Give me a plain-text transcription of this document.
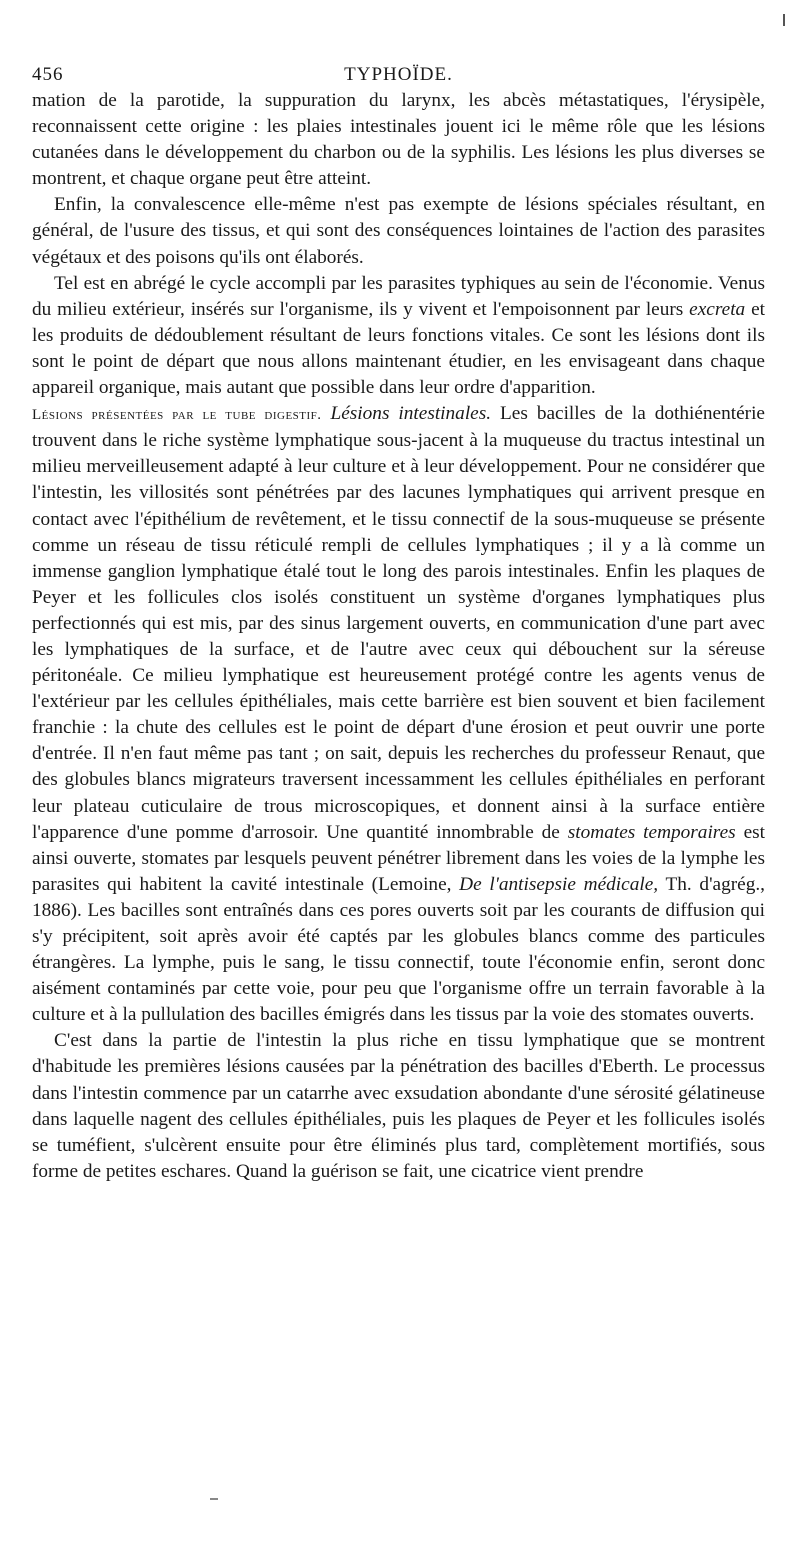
456	TYPHOÏDE.

mation de la parotide, la suppuration du larynx, les abcès métastatiques, l'érysipèle, reconnaissent cette origine : les plaies intestinales jouent ici le même rôle que les lésions cutanées dans le développement du charbon ou de la syphilis. Les lésions les plus diverses se montrent, et chaque organe peut être atteint.

Enfin, la convalescence elle-même n'est pas exempte de lésions spéciales résultant, en général, de l'usure des tissus, et qui sont des conséquences lointaines de l'action des parasites végétaux et des poisons qu'ils ont élaborés.

Tel est en abrégé le cycle accompli par les parasites typhiques au sein de l'économie. Venus du milieu extérieur, insérés sur l'organisme, ils y vivent et l'empoisonnent par leurs excreta et les produits de dédoublement résultant de leurs fonctions vitales. Ce sont les lésions dont ils sont le point de départ que nous allons maintenant étudier, en les envisageant dans chaque appareil organique, mais autant que possible dans leur ordre d'apparition.

Lésions présentées par le tube digestif. Lésions intestinales. Les bacilles de la dothiénentérie trouvent dans le riche système lymphatique sous-jacent à la muqueuse du tractus intestinal un milieu merveilleusement adapté à leur culture et à leur développement. Pour ne considérer que l'intestin, les villosités sont pénétrées par des lacunes lymphatiques qui arrivent presque en contact avec l'épithélium de revêtement, et le tissu connectif de la sous-muqueuse se présente comme un réseau de tissu réticulé rempli de cellules lymphatiques ; il y a là comme un immense ganglion lymphatique étalé tout le long des parois intestinales. Enfin les plaques de Peyer et les follicules clos isolés constituent un système d'organes lymphatiques plus perfectionnés qui est mis, par des sinus largement ouverts, en communication d'une part avec les lymphatiques de la surface, et de l'autre avec ceux qui débouchent sur la séreuse péritonéale. Ce milieu lymphatique est heureusement protégé contre les agents venus de l'extérieur par les cellules épithéliales, mais cette barrière est bien souvent et bien facilement franchie : la chute des cellules est le point de départ d'une érosion et peut ouvrir une porte d'entrée. Il n'en faut même pas tant ; on sait, depuis les recherches du professeur Renaut, que des globules blancs migrateurs traversent incessamment les cellules épithéliales en perforant leur plateau cuticulaire de trous microscopiques, et donnent ainsi à la surface entière l'apparence d'une pomme d'arrosoir. Une quantité innombrable de stomates temporaires est ainsi ouverte, stomates par lesquels peuvent pénétrer librement dans les voies de la lymphe les parasites qui habitent la cavité intestinale (Lemoine, De l'antisepsie médicale, Th. d'agrég., 1886). Les bacilles sont entraînés dans ces pores ouverts soit par les courants de diffusion qui s'y précipitent, soit après avoir été captés par les globules blancs comme des particules étrangères. La lymphe, puis le sang, le tissu connectif, toute l'économie enfin, seront donc aisément contaminés par cette voie, pour peu que l'organisme offre un terrain favorable à la culture et à la pullulation des bacilles émigrés dans les tissus par la voie des stomates ouverts.

C'est dans la partie de l'intestin la plus riche en tissu lymphatique que se montrent d'habitude les premières lésions causées par la pénétration des bacilles d'Eberth. Le processus dans l'intestin commence par un catarrhe avec exsudation abondante d'une sérosité gélatineuse dans laquelle nagent des cellules épithéliales, puis les plaques de Peyer et les follicules isolés se tuméfient, s'ulcèrent ensuite pour être éliminés plus tard, complètement mortifiés, sous forme de petites eschares. Quand la guérison se fait, une cicatrice vient prendre
